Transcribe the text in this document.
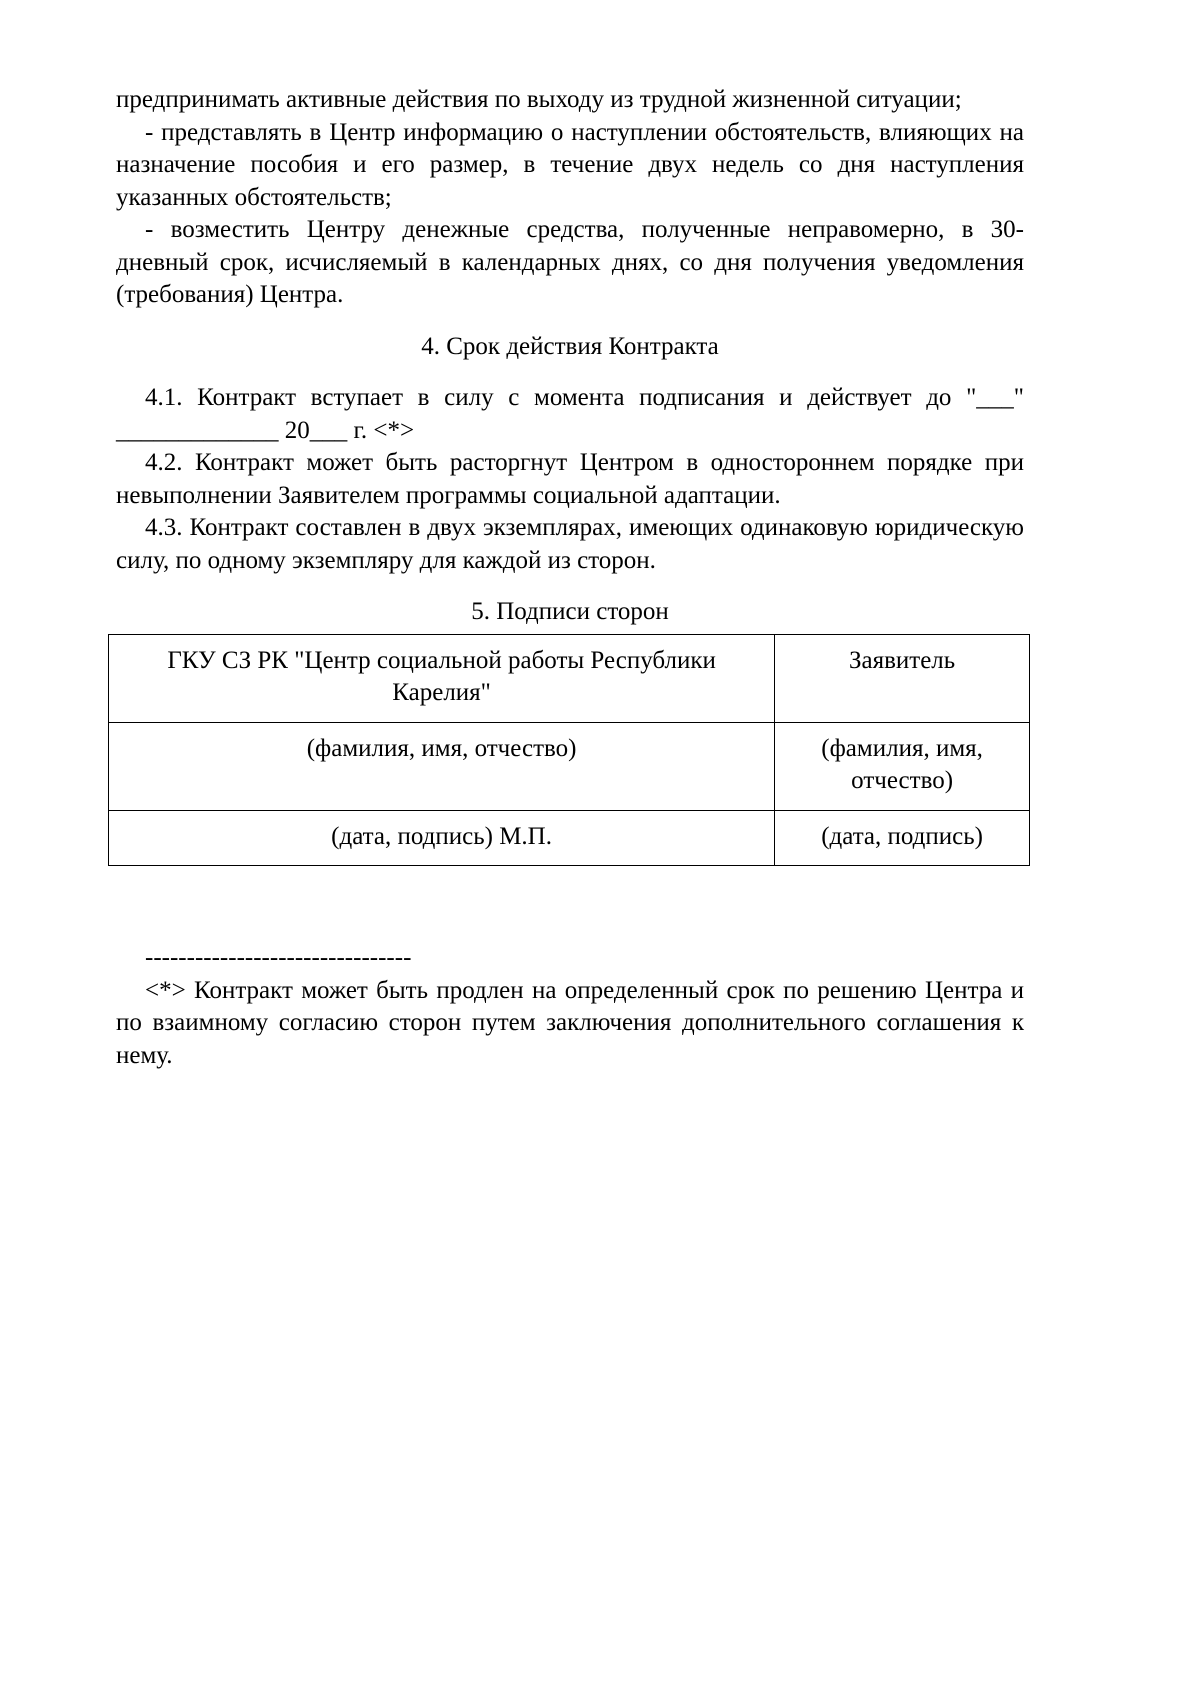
предпринимать активные действия по выходу из трудной жизненной ситуации;

- представлять в Центр информацию о наступлении обстоятельств, влияющих на назначение пособия и его размер, в течение двух недель со дня наступления указанных обстоятельств;

- возместить Центру денежные средства, полученные неправомерно, в 30-дневный срок, исчисляемый в календарных днях, со дня получения уведомления (требования) Центра.

4. Срок действия Контракта

4.1. Контракт вступает в силу с момента подписания и действует до "___" _____________ 20___ г. <*>

4.2. Контракт может быть расторгнут Центром в одностороннем порядке при невыполнении Заявителем программы социальной адаптации.

4.3. Контракт составлен в двух экземплярах, имеющих одинаковую юридическую силу, по одному экземпляру для каждой из сторон.

5. Подписи сторон

ГКУ СЗ РК "Центр социальной работы Республики Карелия"	Заявитель
(фамилия, имя, отчество)	(фамилия, имя, отчество)
(дата, подпись) М.П.	(дата, подпись)

--------------------------------

<*> Контракт может быть продлен на определенный срок по решению Центра и по взаимному согласию сторон путем заключения дополнительного соглашения к нему.
